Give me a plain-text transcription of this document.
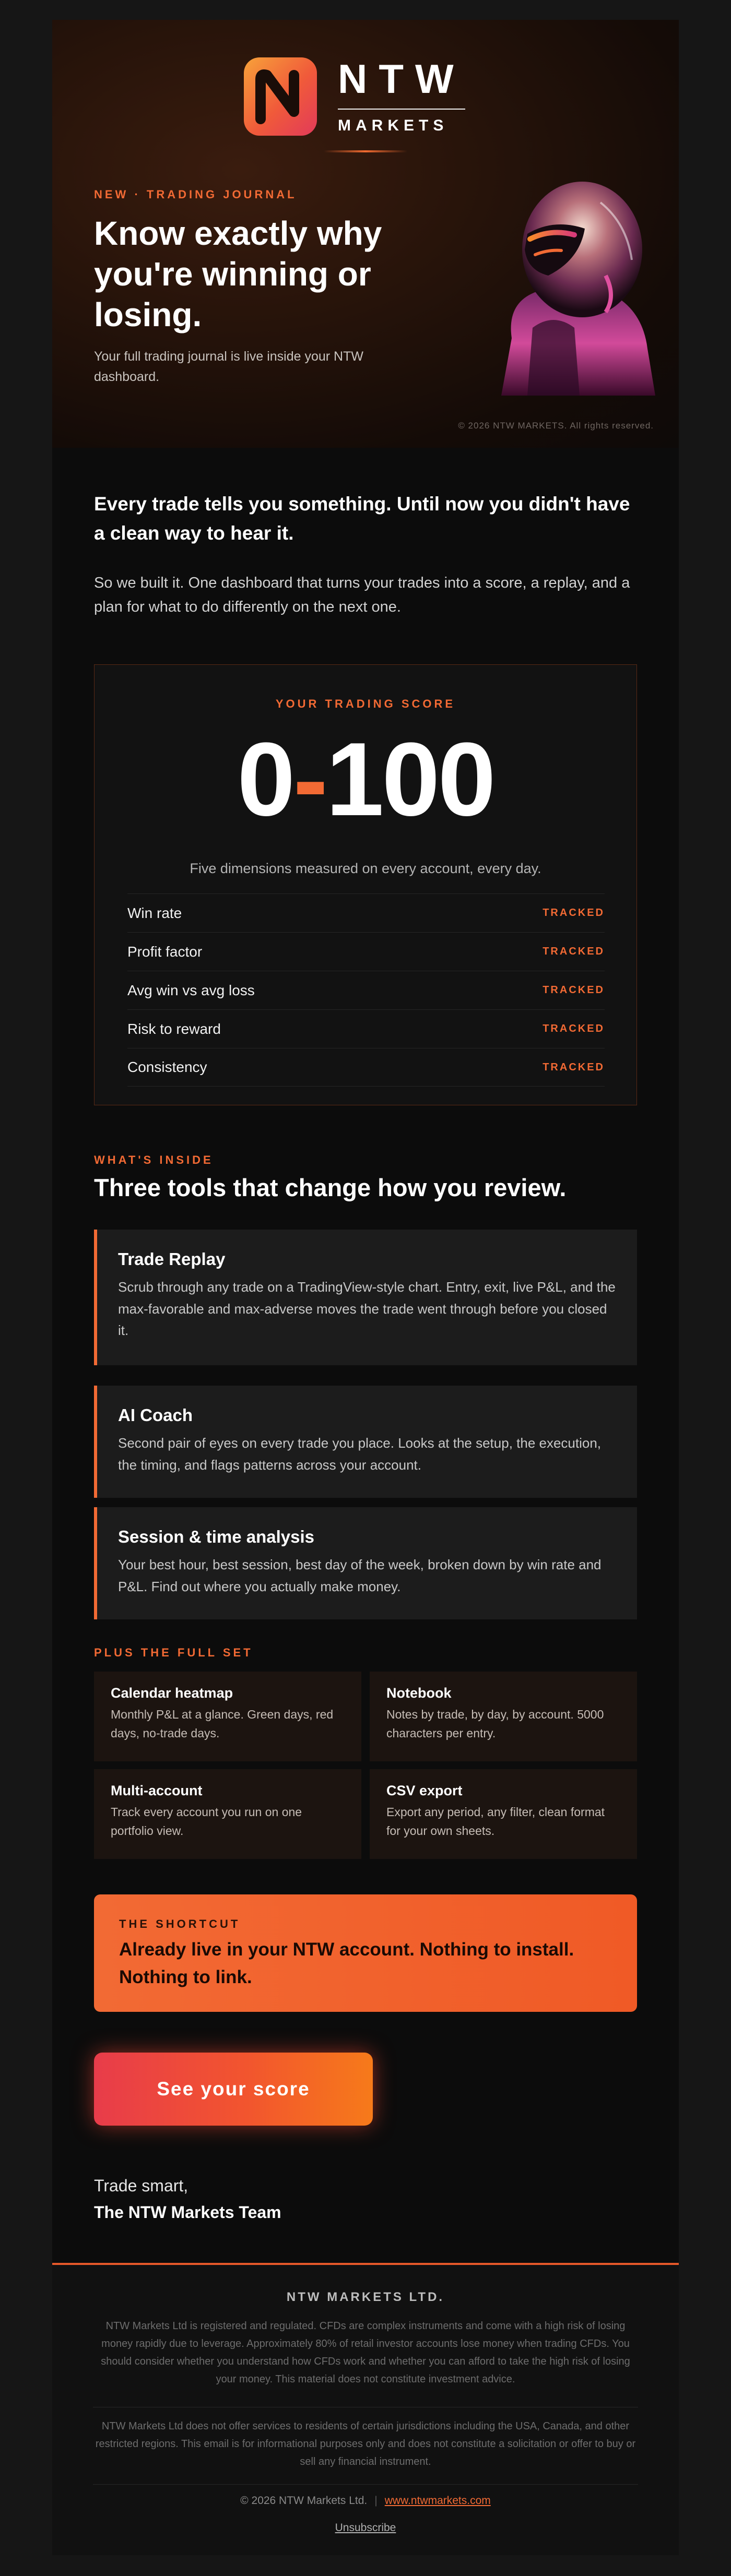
NTW
MARKETS
NEW · TRADING JOURNAL
Know exactly why you're winning or losing.

Your full trading journal is live inside your NTW dashboard.

© 2026 NTW MARKETS. All rights reserved.
Every trade tells you something. Until now you didn't have a clean way to hear it.

So we built it. One dashboard that turns your trades into a score, a replay, and a plan for what to do differently on the next one.

YOUR TRADING SCORE
0-100
Five dimensions measured on every account, every day.
Win rate	TRACKED
Profit factor	TRACKED
Avg win vs avg loss	TRACKED
Risk to reward	TRACKED
Consistency	TRACKED
WHAT'S INSIDE
Three tools that change how you review.
Trade Replay
Scrub through any trade on a TradingView-style chart. Entry, exit, live P&L, and the max-favorable and max-adverse moves the trade went through before you closed it.
AI Coach
Second pair of eyes on every trade you place. Looks at the setup, the execution, the timing, and flags patterns across your account.
Session & time analysis
Your best hour, best session, best day of the week, broken down by win rate and P&L. Find out where you actually make money.
PLUS THE FULL SET
Calendar heatmap
Monthly P&L at a glance. Green days, red days, no-trade days.
Notebook
Notes by trade, by day, by account. 5000 characters per entry.
Multi-account
Track every account you run on one portfolio view.
CSV export
Export any period, any filter, clean format for your own sheets.
THE SHORTCUT
Already live in your NTW account. Nothing to install. Nothing to link.
See your score
Trade smart,
The NTW Markets Team
NTW MARKETS LTD.

NTW Markets Ltd is registered and regulated. CFDs are complex instruments and come with a high risk of losing money rapidly due to leverage. Approximately 80% of retail investor accounts lose money when trading CFDs. You should consider whether you understand how CFDs work and whether you can afford to take the high risk of losing your money. This material does not constitute investment advice.

NTW Markets Ltd does not offer services to residents of certain jurisdictions including the USA, Canada, and other restricted regions. This email is for informational purposes only and does not constitute a solicitation or offer to buy or sell any financial instrument.

© 2026 NTW Markets Ltd. | www.ntwmarkets.com
Unsubscribe
